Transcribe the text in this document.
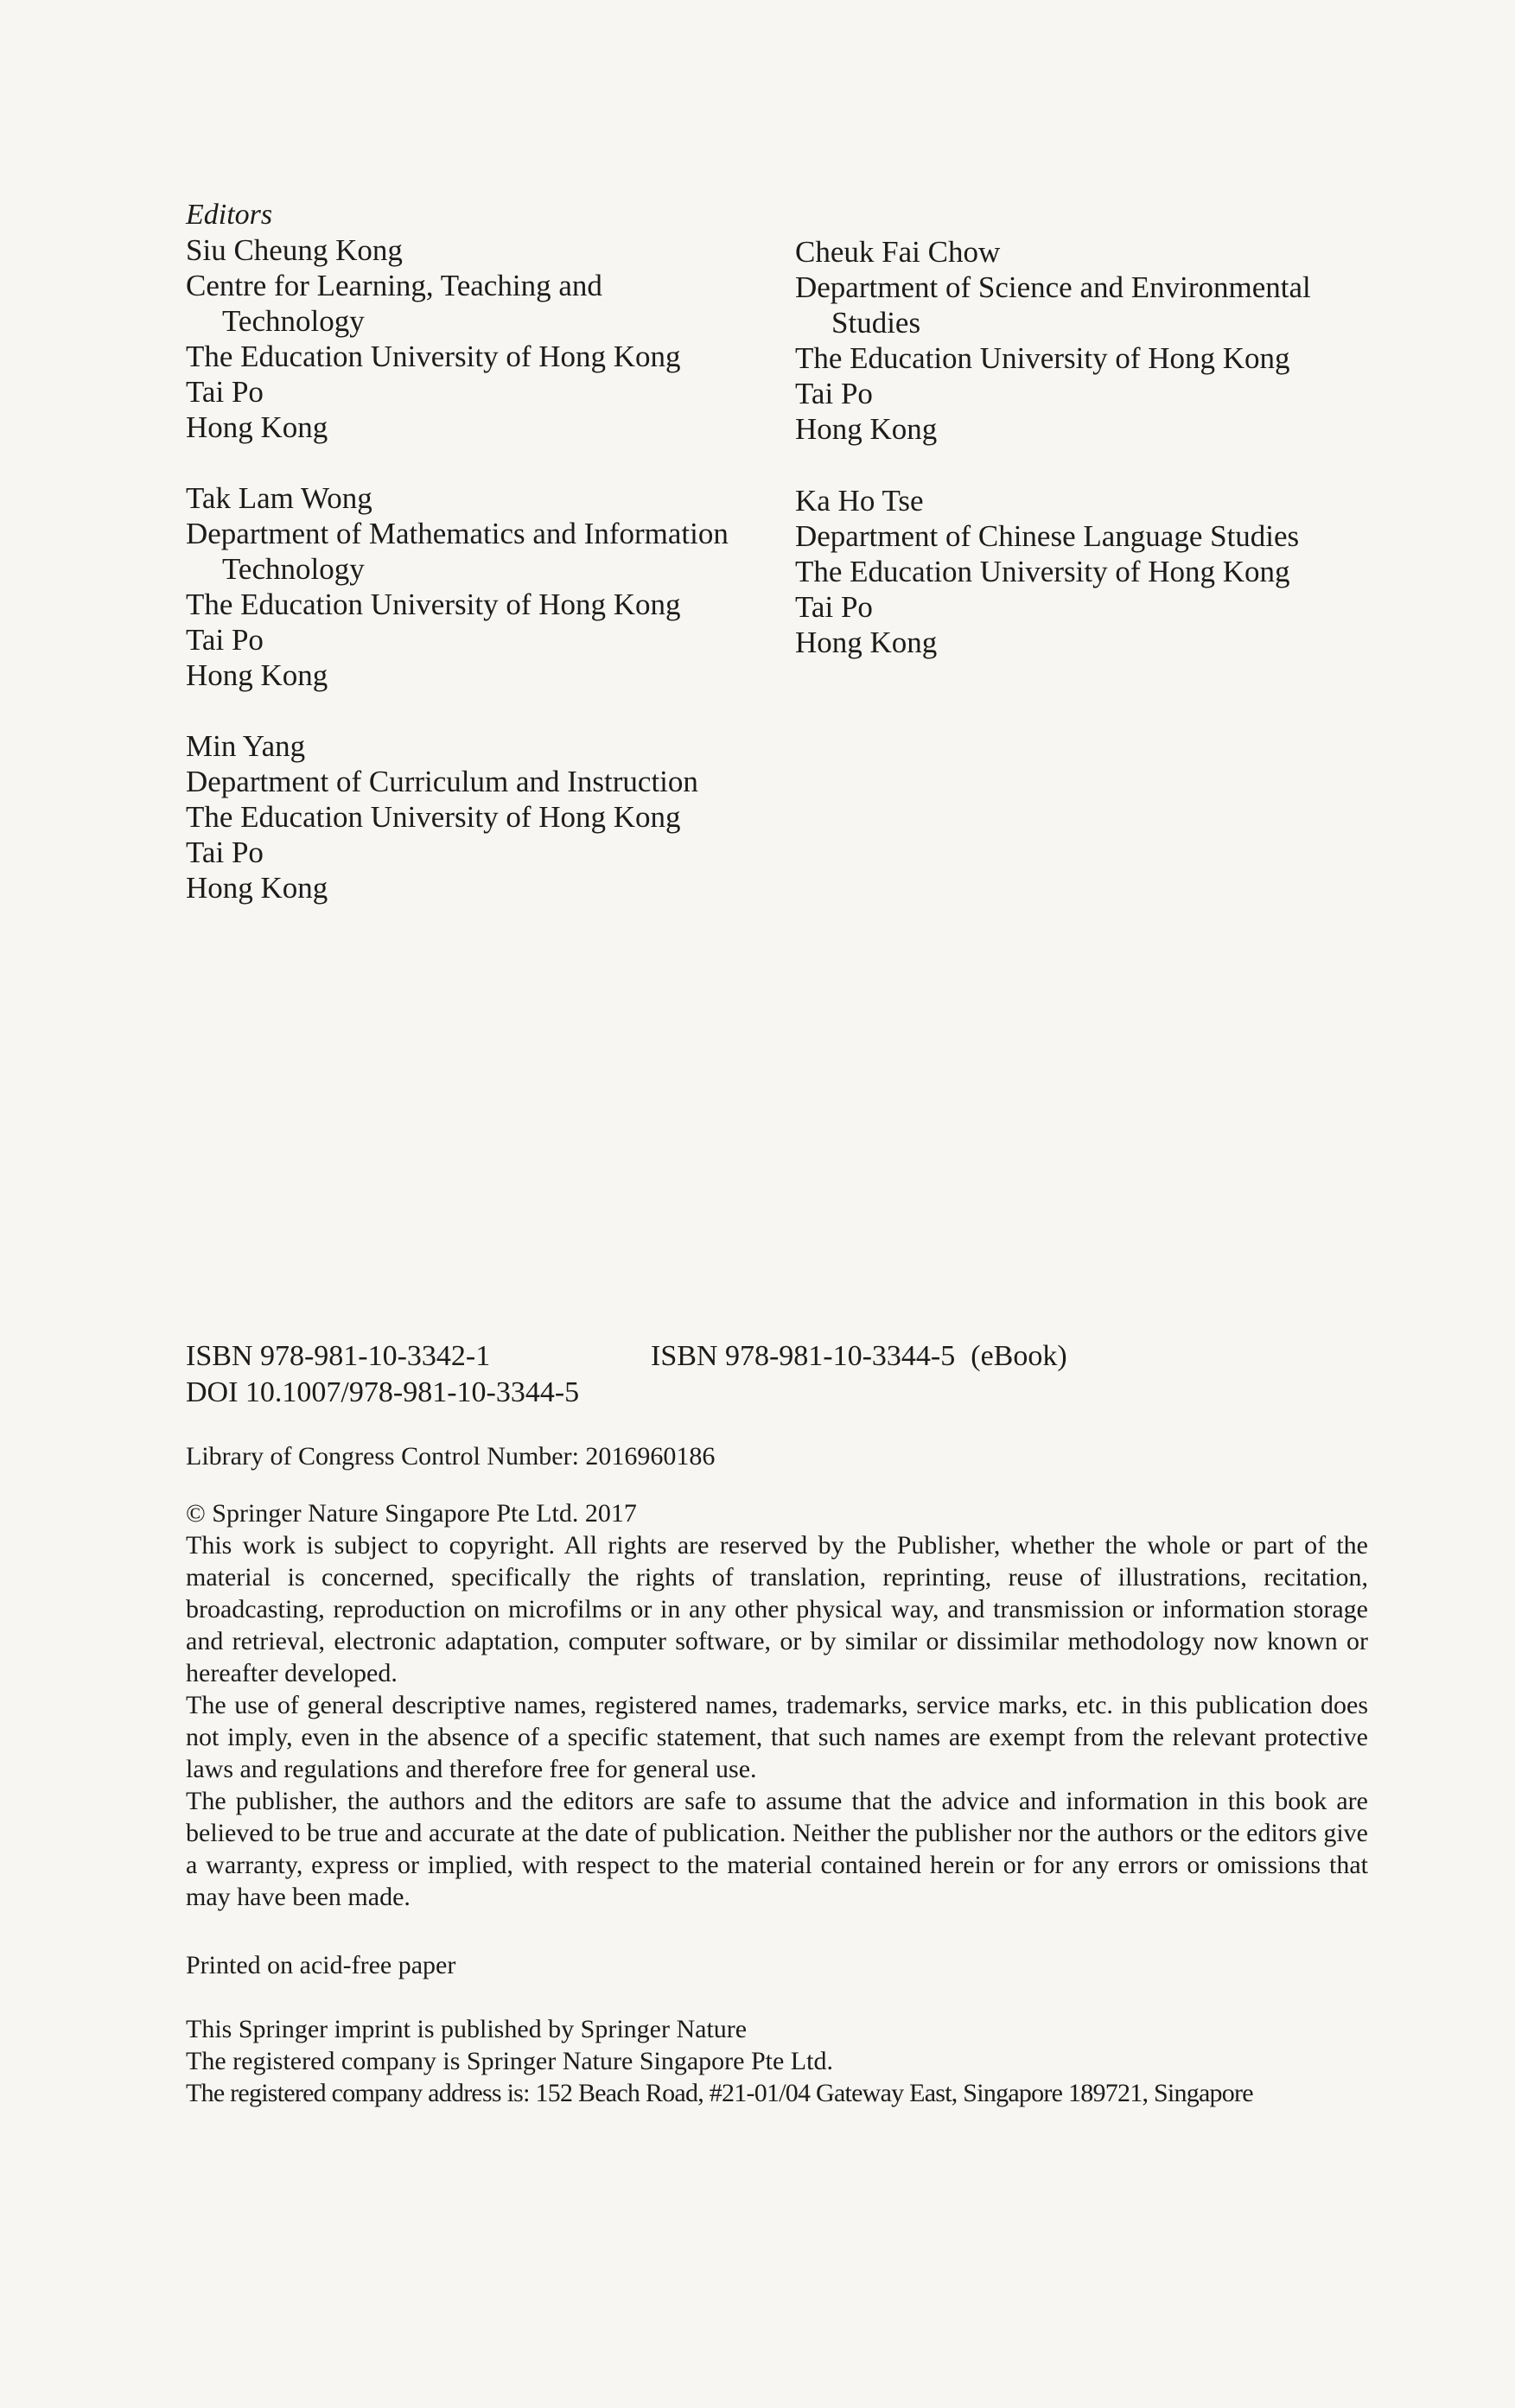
Editors
Siu Cheung Kong
Centre for Learning, Teaching and
Technology
The Education University of Hong Kong
Tai Po
Hong Kong
Cheuk Fai Chow
Department of Science and Environmental
Studies
The Education University of Hong Kong
Tai Po
Hong Kong
Tak Lam Wong
Department of Mathematics and Information
Technology
The Education University of Hong Kong
Tai Po
Hong Kong
Ka Ho Tse
Department of Chinese Language Studies
The Education University of Hong Kong
Tai Po
Hong Kong
Min Yang
Department of Curriculum and Instruction
The Education University of Hong Kong
Tai Po
Hong Kong
ISBN 978-981-10-3342-1	ISBN 978-981-10-3344-5 (eBook)
DOI 10.1007/978-981-10-3344-5
Library of Congress Control Number: 2016960186
© Springer Nature Singapore Pte Ltd. 2017

This work is subject to copyright. All rights are reserved by the Publisher, whether the whole or part of the material is concerned, specifically the rights of translation, reprinting, reuse of illustrations, recitation, broadcasting, reproduction on microfilms or in any other physical way, and transmission or information storage and retrieval, electronic adaptation, computer software, or by similar or dissimilar methodology now known or hereafter developed.

The use of general descriptive names, registered names, trademarks, service marks, etc. in this publication does not imply, even in the absence of a specific statement, that such names are exempt from the relevant protective laws and regulations and therefore free for general use.

The publisher, the authors and the editors are safe to assume that the advice and information in this book are believed to be true and accurate at the date of publication. Neither the publisher nor the authors or the editors give a warranty, express or implied, with respect to the material contained herein or for any errors or omissions that may have been made.

Printed on acid-free paper
This Springer imprint is published by Springer Nature
The registered company is Springer Nature Singapore Pte Ltd.
The registered company address is: 152 Beach Road, #21-01/04 Gateway East, Singapore 189721, Singapore
